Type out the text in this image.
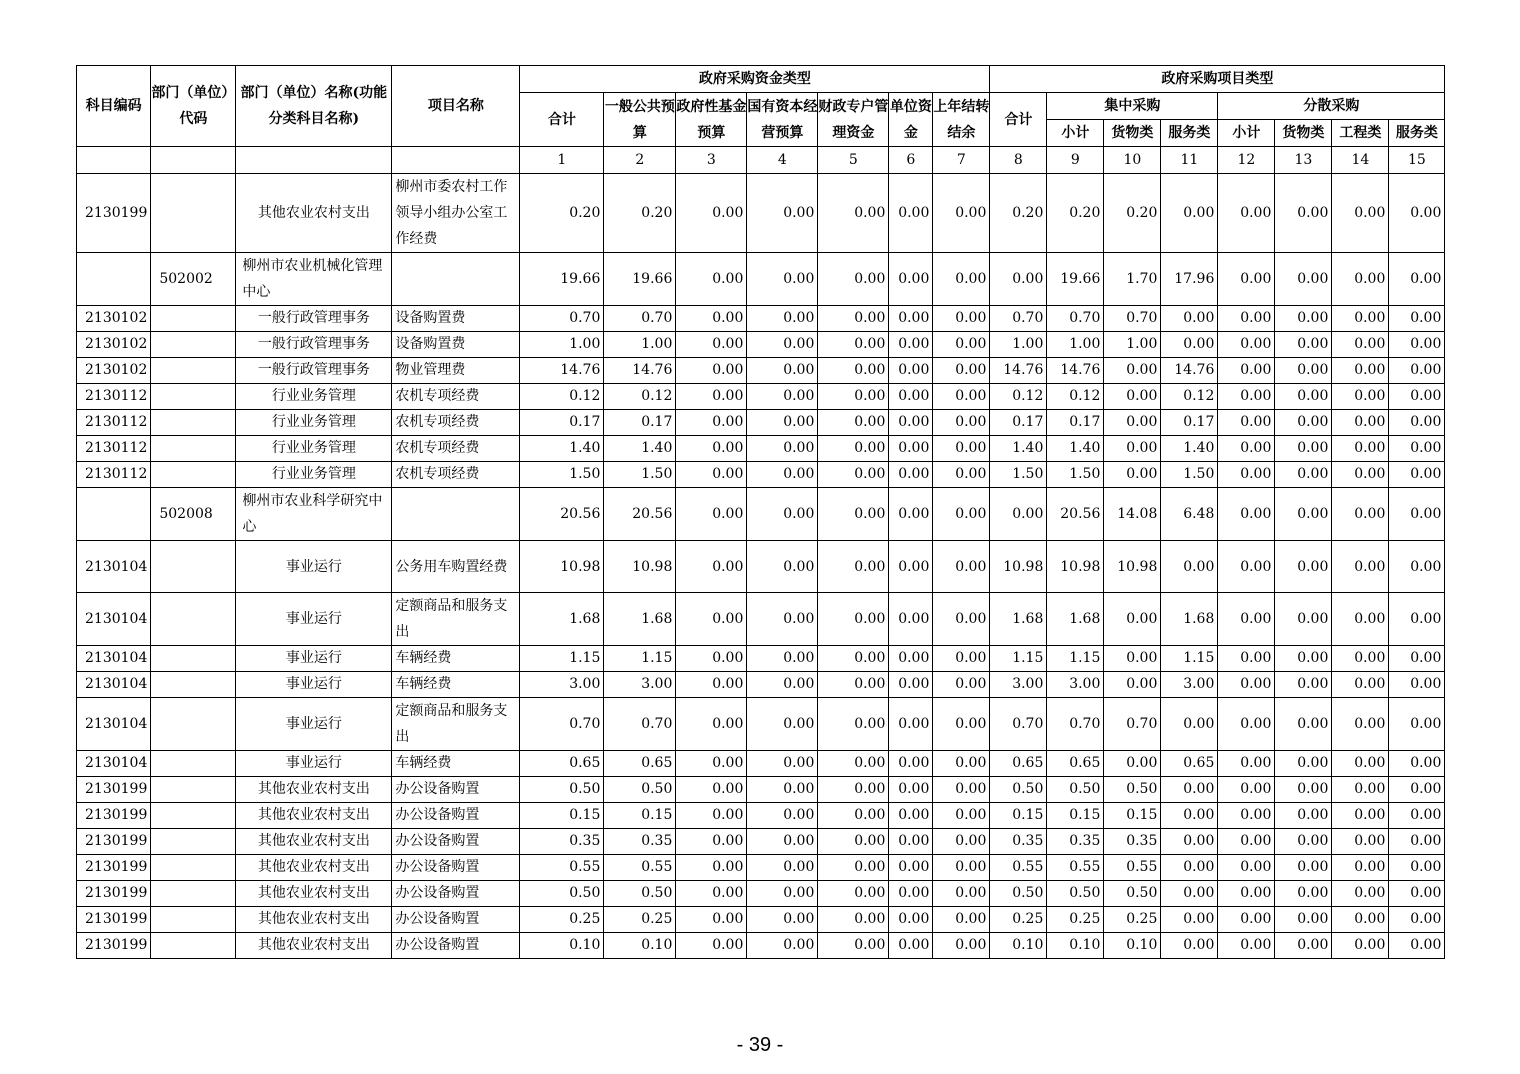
科目编码	部门（单位）代码	部门（单位）名称(功能分类科目名称)	项目名称	政府采购资金类型							政府采购项目类型							
				合计	一般公共预算	政府性基金预算	国有资本经营预算	财政专户管理资金	单位资金	上年结转结余	合计	集中采购			分散采购			
												小计	货物类	服务类	小计	货物类	工程类	服务类
				1	2	3	4	5	6	7	8	9	10	11	12	13	14	15
2130199		其他农业农村支出	柳州市委农村工作领导小组办公室工作经费	0.20	0.20	0.00	0.00	0.00	0.00	0.00	0.20	0.20	0.20	0.00	0.00	0.00	0.00	0.00
	502002	柳州市农业机械化管理中心		19.66	19.66	0.00	0.00	0.00	0.00	0.00	0.00	19.66	1.70	17.96	0.00	0.00	0.00	0.00
2130102		一般行政管理事务	设备购置费	0.70	0.70	0.00	0.00	0.00	0.00	0.00	0.70	0.70	0.70	0.00	0.00	0.00	0.00	0.00
2130102		一般行政管理事务	设备购置费	1.00	1.00	0.00	0.00	0.00	0.00	0.00	1.00	1.00	1.00	0.00	0.00	0.00	0.00	0.00
2130102		一般行政管理事务	物业管理费	14.76	14.76	0.00	0.00	0.00	0.00	0.00	14.76	14.76	0.00	14.76	0.00	0.00	0.00	0.00
2130112		行业业务管理	农机专项经费	0.12	0.12	0.00	0.00	0.00	0.00	0.00	0.12	0.12	0.00	0.12	0.00	0.00	0.00	0.00
2130112		行业业务管理	农机专项经费	0.17	0.17	0.00	0.00	0.00	0.00	0.00	0.17	0.17	0.00	0.17	0.00	0.00	0.00	0.00
2130112		行业业务管理	农机专项经费	1.40	1.40	0.00	0.00	0.00	0.00	0.00	1.40	1.40	0.00	1.40	0.00	0.00	0.00	0.00
2130112		行业业务管理	农机专项经费	1.50	1.50	0.00	0.00	0.00	0.00	0.00	1.50	1.50	0.00	1.50	0.00	0.00	0.00	0.00
	502008	柳州市农业科学研究中心		20.56	20.56	0.00	0.00	0.00	0.00	0.00	0.00	20.56	14.08	6.48	0.00	0.00	0.00	0.00
2130104		事业运行	公务用车购置经费	10.98	10.98	0.00	0.00	0.00	0.00	0.00	10.98	10.98	10.98	0.00	0.00	0.00	0.00	0.00
2130104		事业运行	定额商品和服务支出	1.68	1.68	0.00	0.00	0.00	0.00	0.00	1.68	1.68	0.00	1.68	0.00	0.00	0.00	0.00
2130104		事业运行	车辆经费	1.15	1.15	0.00	0.00	0.00	0.00	0.00	1.15	1.15	0.00	1.15	0.00	0.00	0.00	0.00
2130104		事业运行	车辆经费	3.00	3.00	0.00	0.00	0.00	0.00	0.00	3.00	3.00	0.00	3.00	0.00	0.00	0.00	0.00
2130104		事业运行	定额商品和服务支出	0.70	0.70	0.00	0.00	0.00	0.00	0.00	0.70	0.70	0.70	0.00	0.00	0.00	0.00	0.00
2130104		事业运行	车辆经费	0.65	0.65	0.00	0.00	0.00	0.00	0.00	0.65	0.65	0.00	0.65	0.00	0.00	0.00	0.00
2130199		其他农业农村支出	办公设备购置	0.50	0.50	0.00	0.00	0.00	0.00	0.00	0.50	0.50	0.50	0.00	0.00	0.00	0.00	0.00
2130199		其他农业农村支出	办公设备购置	0.15	0.15	0.00	0.00	0.00	0.00	0.00	0.15	0.15	0.15	0.00	0.00	0.00	0.00	0.00
2130199		其他农业农村支出	办公设备购置	0.35	0.35	0.00	0.00	0.00	0.00	0.00	0.35	0.35	0.35	0.00	0.00	0.00	0.00	0.00
2130199		其他农业农村支出	办公设备购置	0.55	0.55	0.00	0.00	0.00	0.00	0.00	0.55	0.55	0.55	0.00	0.00	0.00	0.00	0.00
2130199		其他农业农村支出	办公设备购置	0.50	0.50	0.00	0.00	0.00	0.00	0.00	0.50	0.50	0.50	0.00	0.00	0.00	0.00	0.00
2130199		其他农业农村支出	办公设备购置	0.25	0.25	0.00	0.00	0.00	0.00	0.00	0.25	0.25	0.25	0.00	0.00	0.00	0.00	0.00
2130199		其他农业农村支出	办公设备购置	0.10	0.10	0.00	0.00	0.00	0.00	0.00	0.10	0.10	0.10	0.00	0.00	0.00	0.00	0.00
- 39 -
